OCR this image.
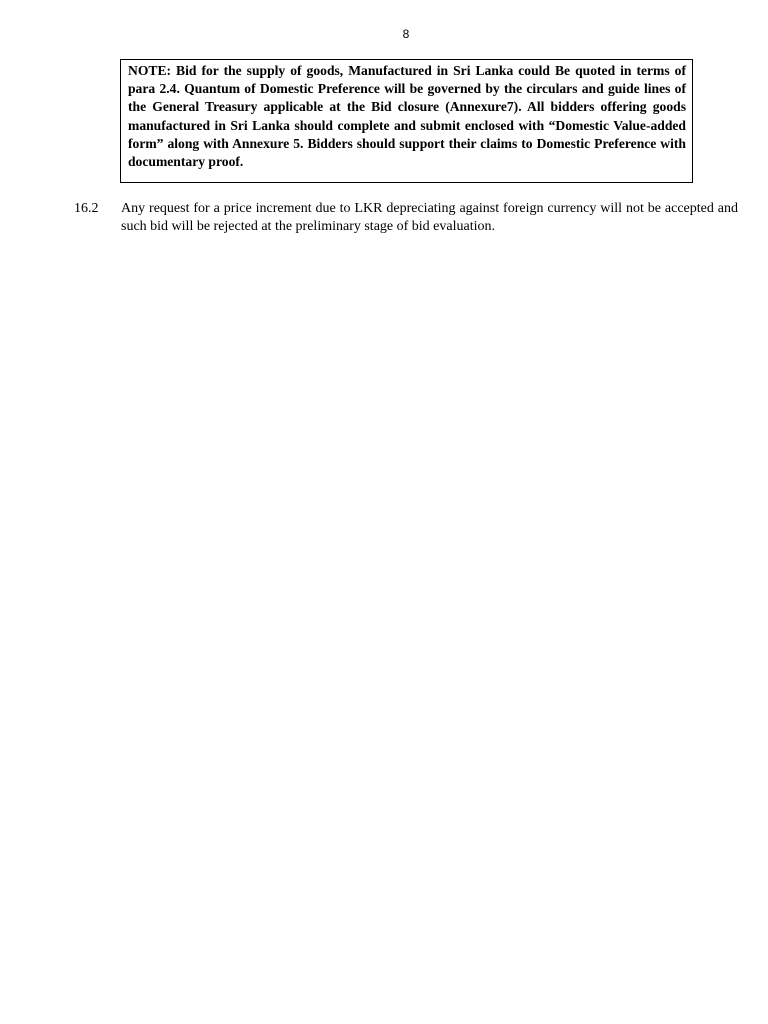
8

NOTE: Bid for the supply of goods, Manufactured in Sri Lanka could Be quoted in terms of para 2.4. Quantum of Domestic Preference will be governed by the circulars and guide lines of the General Treasury applicable at the Bid closure (Annexure7). All bidders offering goods manufactured in Sri Lanka should complete and submit enclosed with “Domestic Value-added form” along with Annexure 5. Bidders should support their claims to Domestic Preference with documentary proof.

16.2 Any request for a price increment due to LKR depreciating against foreign currency will not be accepted and such bid will be rejected at the preliminary stage of bid evaluation.
